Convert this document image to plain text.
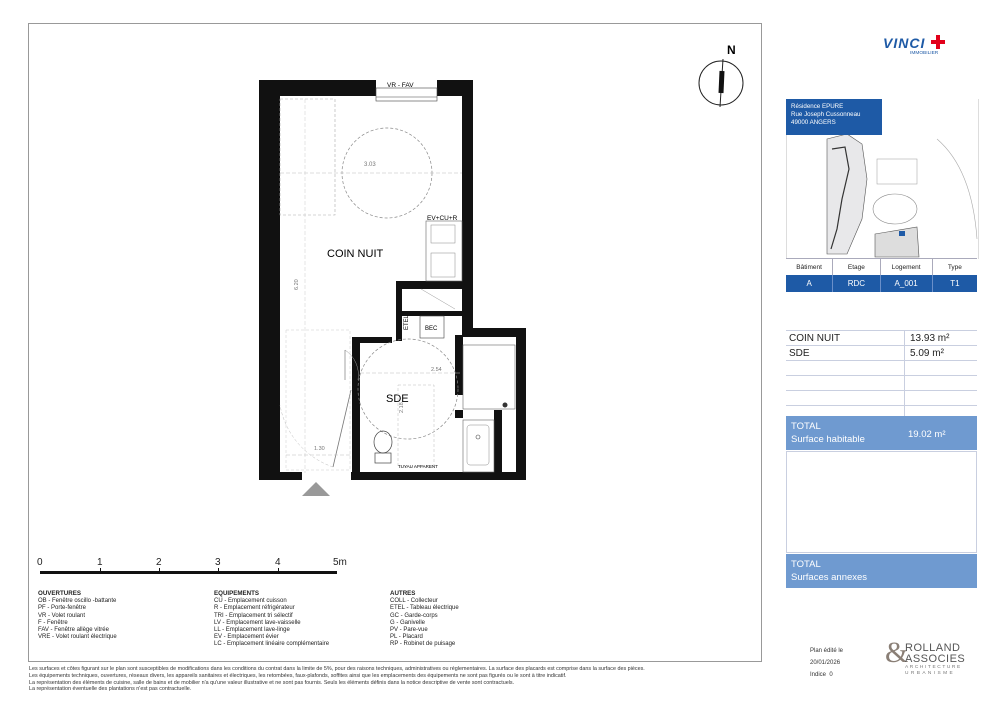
N	VINCI
IMMOBILIER
VR - FAV
3.03
6.20
EV+CU+R
COIN NUIT
SDE
ETEL	BEC
2.54
2.18
TUYAU APPARENT
1.30
0	1	2	3	4	5m
OUVERTURES
OB - Fenêtre oscillo -battante
PF - Porte-fenêtre
VR - Volet roulant
F - Fenêtre
FAV - Fenêtre allège vitrée
VRE - Volet roulant électrique
EQUIPEMENTS
CU - Emplacement cuisson
R - Emplacement réfrigérateur
TRI - Emplacement tri sélectif
LV - Emplacement lave-vaisselle
LL - Emplacement lave-linge
EV - Emplacement évier
LC - Emplacement linéaire complémentaire
AUTRES
COLL - Collecteur
ETEL - Tableau électrique
GC - Garde-corps
G - Ganivelle
PV - Pare-vue
PL - Placard
RP - Robinet de puisage
Les surfaces et côtes figurant sur le plan sont susceptibles de modifications dans les conditions du contrat dans la limite de 5%, pour des raisons techniques, administratives ou réglementaires. La surface des placards est comprise dans la surface des pièces.
Les équipements techniques, ouvertures, réseaux divers, les appareils sanitaires et électriques, les retombées, faux-plafonds, soffites ainsi que les emplacements des équipements ne sont pas figurés ou le sont à titre indicatif.
La représentation des éléments de cuisine, salle de bains et de mobilier n'a qu'une valeur illustrative et ne sont pas fournis. Seuls les éléments définis dans la notice descriptive de vente sont contractuels.
La représentation éventuelle des plantations n'est pas contractuelle.
Résidence EPURE
Rue Joseph Cussonneau
49000 ANGERS
Bâtiment	Etage	Logement	Type
A	RDC	A_001	T1
COIN NUIT	13.93 m²
SDE	5.09 m²
TOTAL
Surface habitable	19.02 m²
TOTAL
Surfaces annexes
Plan édité le
20/01/2026
Indice 0
&
ROLLAND
ASSOCIES
ARCHITECTURE
URBANISME
